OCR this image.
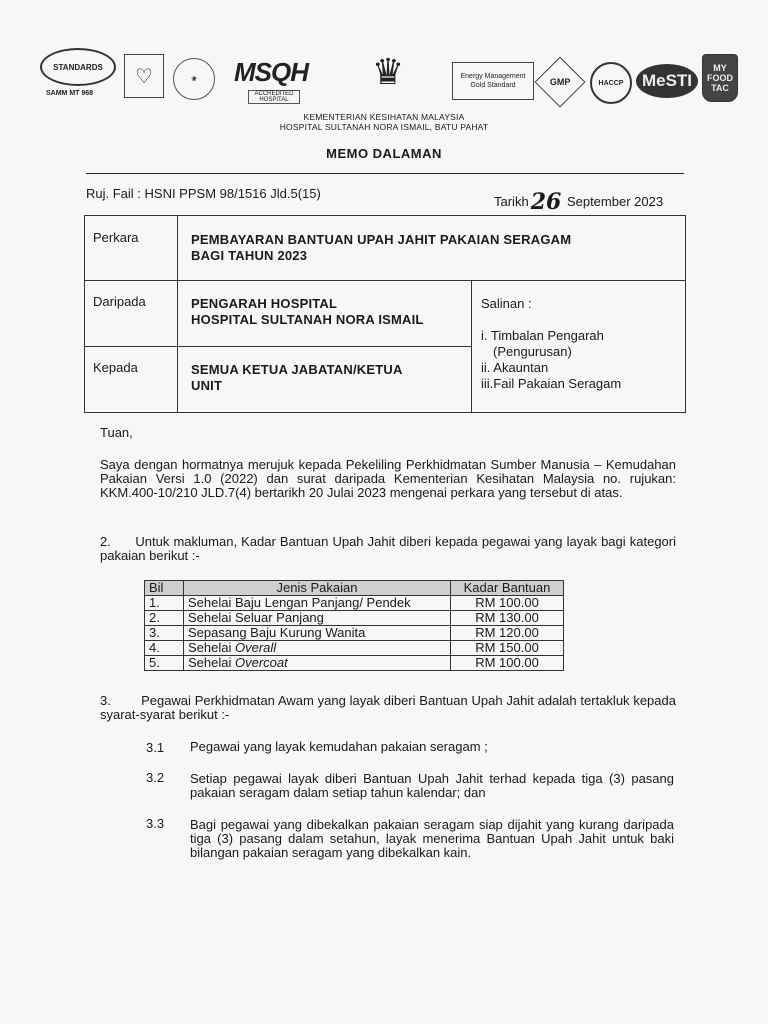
STANDARDS
SAMM MT 968
♡	❀	MSQH
ACCREDITED HOSPITAL
♛	Energy Management
Gold Standard	GMP	HACCP	MeSTI
MY
FOOD
TAC
KEMENTERIAN KESIHATAN MALAYSIA
HOSPITAL SULTANAH NORA ISMAIL, BATU PAHAT
MEMO DALAMAN
Ruj. Fail : HSNI PPSM 98/1516 Jld.5(15)
Tarikh26 September 2023
Perkara	PEMBAYARAN BANTUAN UPAH JAHIT PAKAIAN SERAGAM
BAGI TAHUN 2023
Daripada	PENGARAH HOSPITAL
HOSPITAL SULTANAH NORA ISMAIL
Kepada	SEMUA KETUA JABATAN/KETUA
UNIT
Salinan :
i. Timbalan Pengarah
(Pengurusan)
ii. Akauntan
iii.Fail Pakaian Seragam
Tuan,
Saya dengan hormatnya merujuk kepada Pekeliling Perkhidmatan Sumber Manusia – Kemudahan Pakaian Versi 1.0 (2022) dan surat daripada Kementerian Kesihatan Malaysia no. rujukan: KKM.400-10/210 JLD.7(4) bertarikh 20 Julai 2023 mengenai perkara yang tersebut di atas.
2. Untuk makluman, Kadar Bantuan Upah Jahit diberi kepada pegawai yang layak bagi kategori pakaian berikut :-
Bil	Jenis Pakaian	Kadar Bantuan
1.	Sehelai Baju Lengan Panjang/ Pendek	RM 100.00
2.	Sehelai Seluar Panjang	RM 130.00
3.	Sepasang Baju Kurung Wanita	RM 120.00
4.	Sehelai Overall	RM 150.00
5.	Sehelai Overcoat	RM 100.00
3. Pegawai Perkhidmatan Awam yang layak diberi Bantuan Upah Jahit adalah tertakluk kepada syarat-syarat berikut :-
3.1 Pegawai yang layak kemudahan pakaian seragam ;
3.2 Setiap pegawai layak diberi Bantuan Upah Jahit terhad kepada tiga (3) pasang pakaian seragam dalam setiap tahun kalendar; dan
3.3 Bagi pegawai yang dibekalkan pakaian seragam siap dijahit yang kurang daripada tiga (3) pasang dalam setahun, layak menerima Bantuan Upah Jahit untuk baki bilangan pakaian seragam yang dibekalkan kain.
